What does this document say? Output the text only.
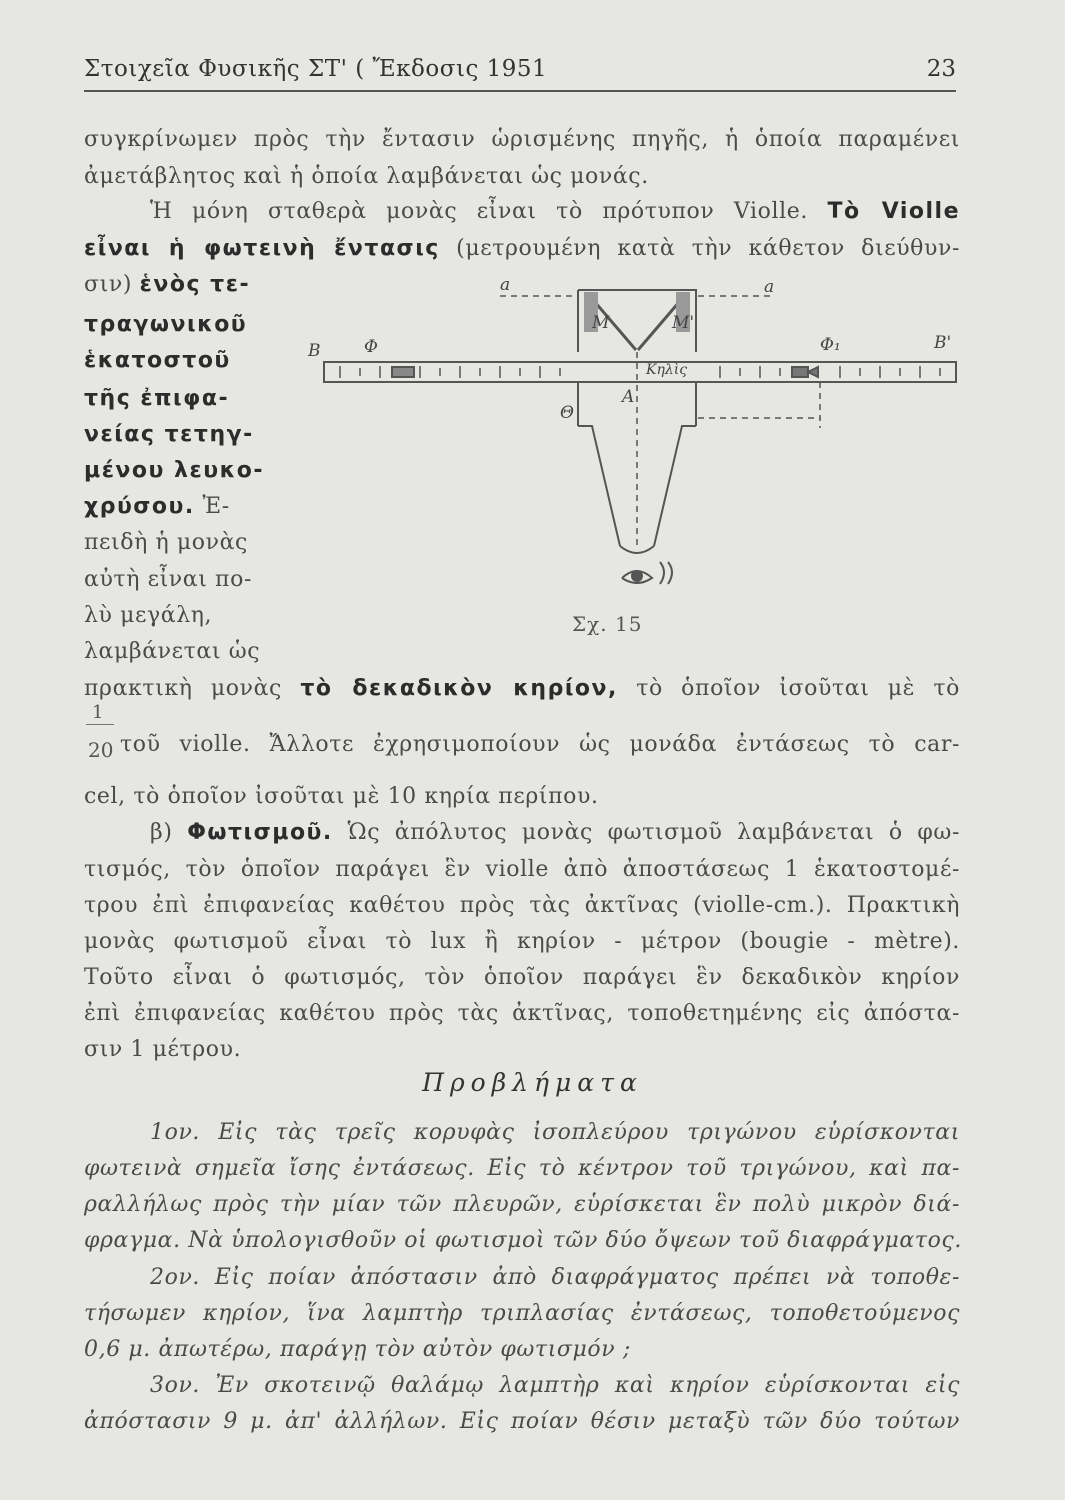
Στοιχεῖα Φυσικῆς ΣΤ' ( Ἔκδοσις 1951	23
συγκρίνωμεν πρὸς τὴν ἔντασιν ὡρισμένης πηγῆς, ἡ ὁποία παραμένει
ἀμετάβλητος καὶ ἡ ὁποία λαμβάνεται ὡς μονάς.
Ἡ μόνη σταθερὰ μονὰς εἶναι τὸ πρότυπον Violle. Τὸ Violle
εἶναι ἡ φωτεινὴ ἔντασις (μετρουμένη κατὰ τὴν κάθετον διεύθυν-
σιν) ἑνὸς τε-
τραγωνικοῦ
ἑκατοστοῦ
τῆς ἐπιφα-
νείας τετηγ-
μένου λευκο-
χρύσου. Ἐ-
πειδὴ ἡ μονὰς
αὐτὴ εἶναι πο-
λὺ μεγάλη,
λαμβάνεται ὡς
a	a
B	B'
Φ	Φ₁
M	M'
Θ
A
Κηλὶς
Σχ. 15
πρακτικὴ μονὰς τὸ δεκαδικὸν κηρίον, τὸ ὁποῖον ἰσοῦται μὲ τὸ
1
20 τοῦ violle. Ἄλλοτε ἐχρησιμοποίουν ὡς μονάδα ἐντάσεως τὸ car-
cel, τὸ ὁποῖον ἰσοῦται μὲ 10 κηρία περίπου.
β) Φωτισμοῦ. Ὡς ἀπόλυτος μονὰς φωτισμοῦ λαμβάνεται ὁ φω-
τισμός, τὸν ὁποῖον παράγει ἓν violle ἀπὸ ἀποστάσεως 1 ἑκατοστομέ-
τρου ἐπὶ ἐπιφανείας καθέτου πρὸς τὰς ἀκτῖνας (violle-cm.). Πρακτικὴ
μονὰς φωτισμοῦ εἶναι τὸ lux ἢ κηρίον - μέτρον (bougie - mètre).
Τοῦτο εἶναι ὁ φωτισμός, τὸν ὁποῖον παράγει ἓν δεκαδικὸν κηρίον
ἐπὶ ἐπιφανείας καθέτου πρὸς τὰς ἀκτῖνας, τοποθετημένης εἰς ἀπόστα-
σιν 1 μέτρου.
Προβλήματα
1ον. Εἰς τὰς τρεῖς κορυφὰς ἰσοπλεύρου τριγώνου εὑρίσκονται
φωτεινὰ σημεῖα ἴσης ἐντάσεως. Εἰς τὸ κέντρον τοῦ τριγώνου, καὶ πα-
ραλλήλως πρὸς τὴν μίαν τῶν πλευρῶν, εὑρίσκεται ἓν πολὺ μικρὸν διά-
φραγμα. Νὰ ὑπολογισθοῦν οἱ φωτισμοὶ τῶν δύο ὄψεων τοῦ διαφράγματος.
2ον. Εἰς ποίαν ἀπόστασιν ἀπὸ διαφράγματος πρέπει νὰ τοποθε-
τήσωμεν κηρίον, ἵνα λαμπτὴρ τριπλασίας ἐντάσεως, τοποθετούμενος
0,6 μ. ἀπωτέρω, παράγῃ τὸν αὐτὸν φωτισμόν ;
3ον. Ἐν σκοτεινῷ θαλάμῳ λαμπτὴρ καὶ κηρίον εὑρίσκονται εἰς
ἀπόστασιν 9 μ. ἀπ' ἀλλήλων. Εἰς ποίαν θέσιν μεταξὺ τῶν δύο τούτων
